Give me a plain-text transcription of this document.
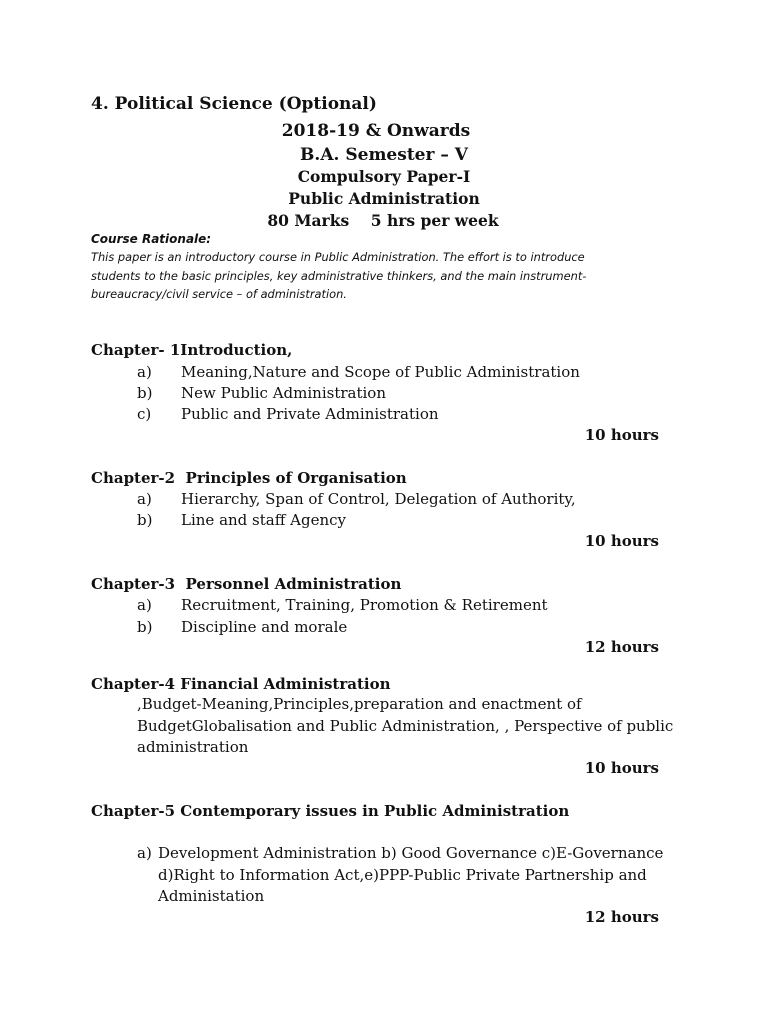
4. Political Science (Optional)
2018-19 & Onwards
B.A. Semester – V
Compulsory Paper-I
Public Administration
80 Marks    5 hrs per week
Course Rationale:
This paper is an introductory course in Public Administration. The effort is to introduce
students to the basic principles, key administrative thinkers, and the main instrument-
bureaucracy/civil service – of administration.
Chapter- 1Introduction,
a) Meaning,Nature and Scope of Public Administration
b) New Public Administration
c) Public and Private Administration
10 hours
Chapter-2  Principles of Organisation
a) Hierarchy, Span of Control, Delegation of Authority,
b) Line and staff Agency
10 hours
Chapter-3  Personnel Administration
a) Recruitment, Training, Promotion & Retirement
b) Discipline and morale
12 hours
Chapter-4 Financial Administration
,Budget-Meaning,Principles,preparation and enactment of
BudgetGlobalisation and Public Administration, , Perspective of public
administration
10 hours
Chapter-5 Contemporary issues in Public Administration
a) Development Administration b) Good Governance c)E-Governance
d)Right to Information Act,e)PPP-Public Private Partnership and
Administation
12 hours
